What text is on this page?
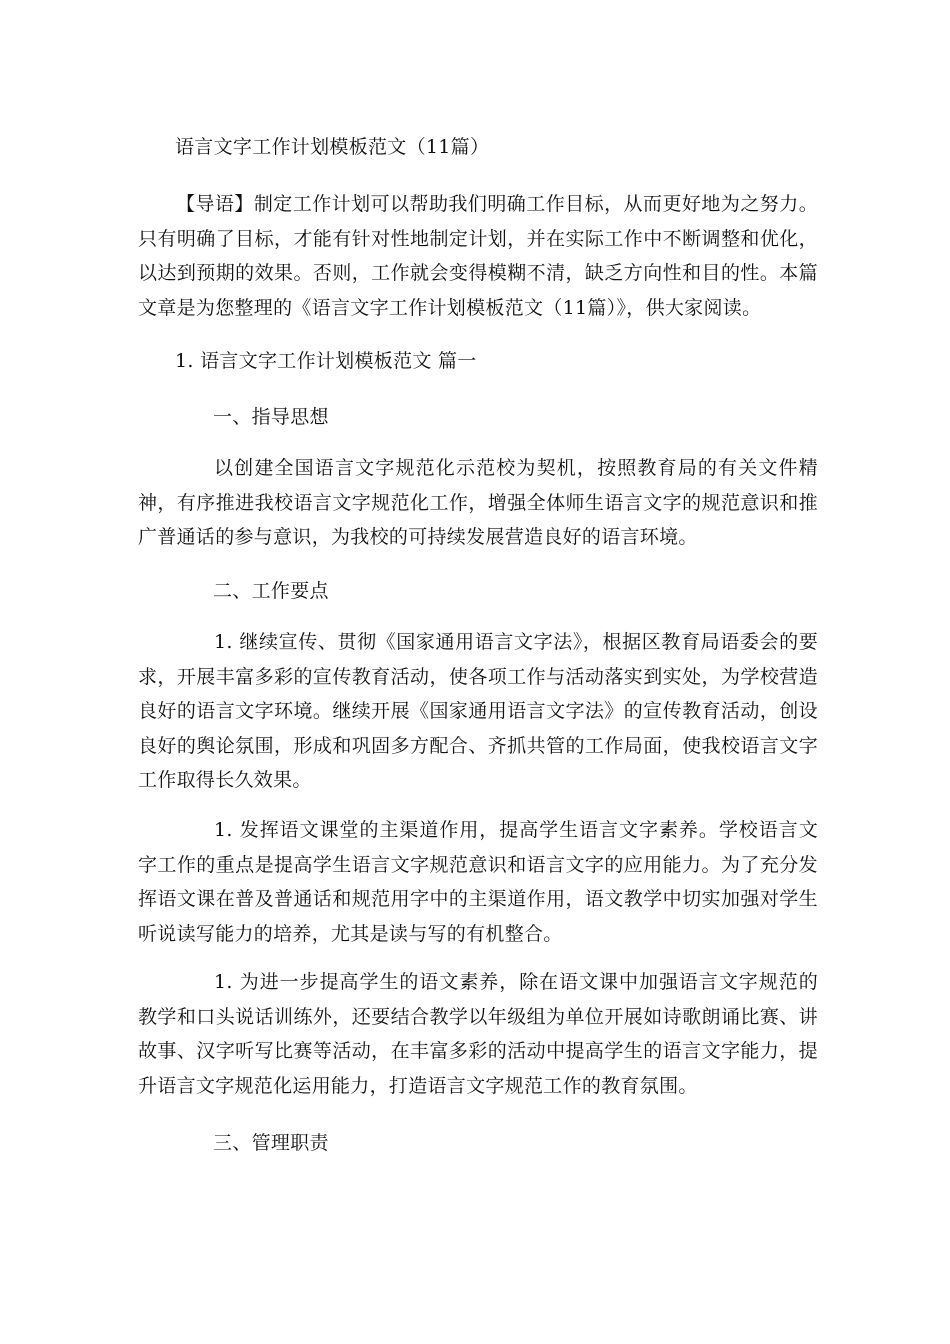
语言文字工作计划模板范文（11篇）
【导语】制定工作计划可以帮助我们明确工作目标，从而更好地为之努力。只有明确了目标，才能有针对性地制定计划，并在实际工作中不断调整和优化，以达到预期的效果。否则，工作就会变得模糊不清，缺乏方向性和目的性。本篇文章是为您整理的《语言文字工作计划模板范文（11篇）》，供大家阅读。
1. 语言文字工作计划模板范文 篇一
一、指导思想
以创建全国语言文字规范化示范校为契机，按照教育局的有关文件精神，有序推进我校语言文字规范化工作，增强全体师生语言文字的规范意识和推广普通话的参与意识，为我校的可持续发展营造良好的语言环境。
二、工作要点
1. 继续宣传、贯彻《国家通用语言文字法》，根据区教育局语委会的要求，开展丰富多彩的宣传教育活动，使各项工作与活动落实到实处，为学校营造良好的语言文字环境。继续开展《国家通用语言文字法》的宣传教育活动，创设良好的舆论氛围，形成和巩固多方配合、齐抓共管的工作局面，使我校语言文字工作取得长久效果。
1. 发挥语文课堂的主渠道作用，提高学生语言文字素养。学校语言文字工作的重点是提高学生语言文字规范意识和语言文字的应用能力。为了充分发挥语文课在普及普通话和规范用字中的主渠道作用，语文教学中切实加强对学生听说读写能力的培养，尤其是读与写的有机整合。
1. 为进一步提高学生的语文素养，除在语文课中加强语言文字规范的教学和口头说话训练外，还要结合教学以年级组为单位开展如诗歌朗诵比赛、讲故事、汉字听写比赛等活动，在丰富多彩的活动中提高学生的语言文字能力，提升语言文字规范化运用能力，打造语言文字规范工作的教育氛围。
三、管理职责
